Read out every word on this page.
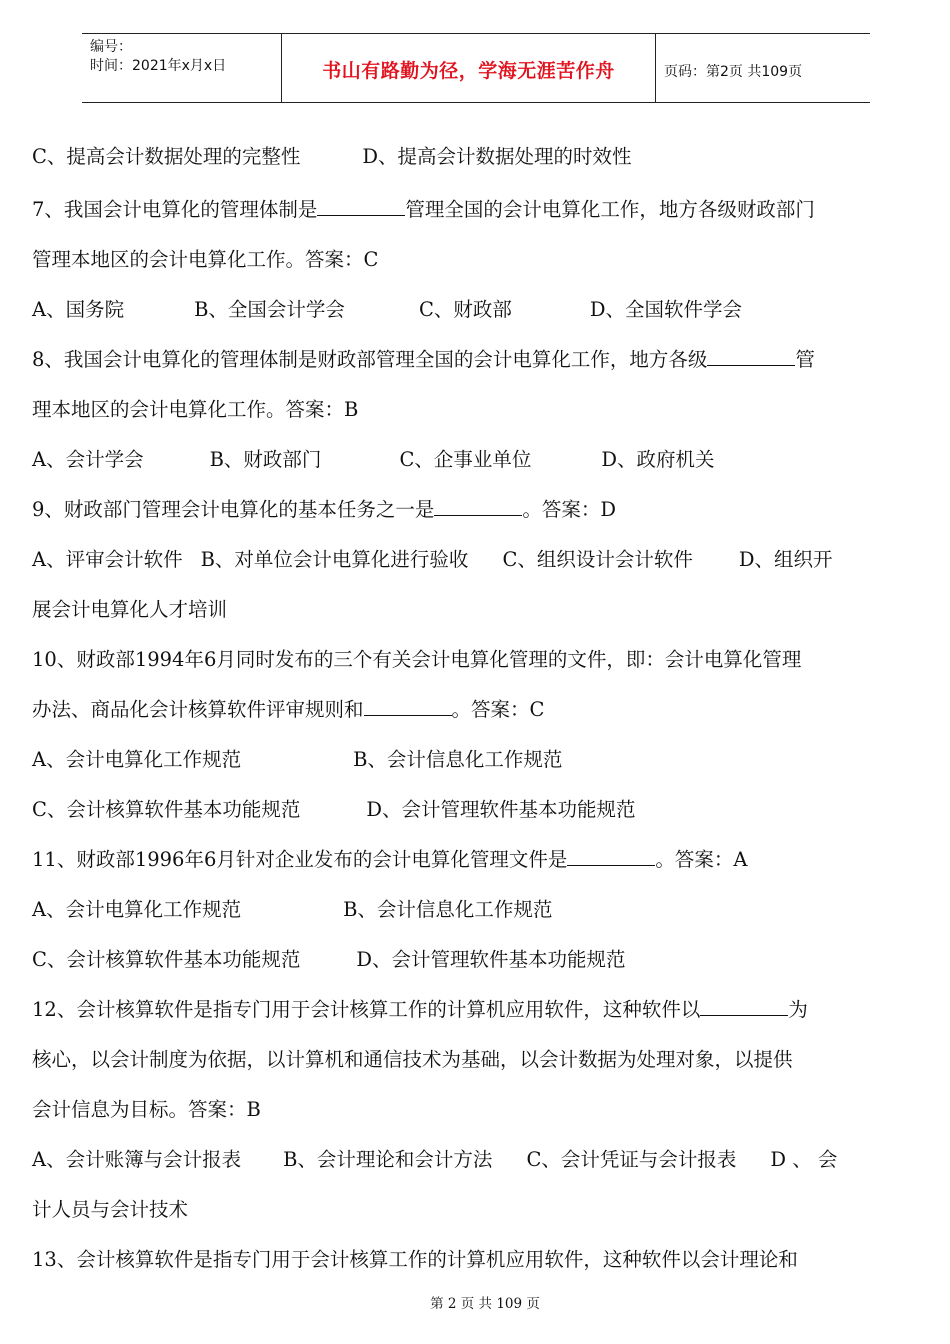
编号：
时间：2021年x月x日	书山有路勤为径，学海无涯苦作舟	页码：第2页 共109页
C、提高会计数据处理的完整性	D、提高会计数据处理的时效性
7、我国会计电算化的管理体制是	管理全国的会计电算化工作，地方各级财政部门
管理本地区的会计电算化工作。答案：C
A、国务院	B、全国会计学会	C、财政部	D、全国软件学会
8、我国会计电算化的管理体制是财政部管理全国的会计电算化工作，地方各级	管
理本地区的会计电算化工作。答案：B
A、会计学会	B、财政部门	C、企事业单位	D、政府机关
9、财政部门管理会计电算化的基本任务之一是	。答案：D
A、评审会计软件 B、对单位会计电算化进行验收 C、组织设计会计软件 D、组织开
展会计电算化人才培训
10、财政部1994年6月同时发布的三个有关会计电算化管理的文件，即：会计电算化管理
办法、商品化会计核算软件评审规则和	。答案：C
A、会计电算化工作规范	B、会计信息化工作规范
C、会计核算软件基本功能规范	D、会计管理软件基本功能规范
11、财政部1996年6月针对企业发布的会计电算化管理文件是	。答案：A
A、会计电算化工作规范	B、会计信息化工作规范
C、会计核算软件基本功能规范	D、会计管理软件基本功能规范
12、会计核算软件是指专门用于会计核算工作的计算机应用软件，这种软件以	为
核心，以会计制度为依据，以计算机和通信技术为基础，以会计数据为处理对象，以提供
会计信息为目标。答案：B
A、会计账簿与会计报表 B、会计理论和会计方法 C、会计凭证与会计报表 D 、 会
计人员与会计技术
13、会计核算软件是指专门用于会计核算工作的计算机应用软件，这种软件以会计理论和
第 2 页 共 109 页
